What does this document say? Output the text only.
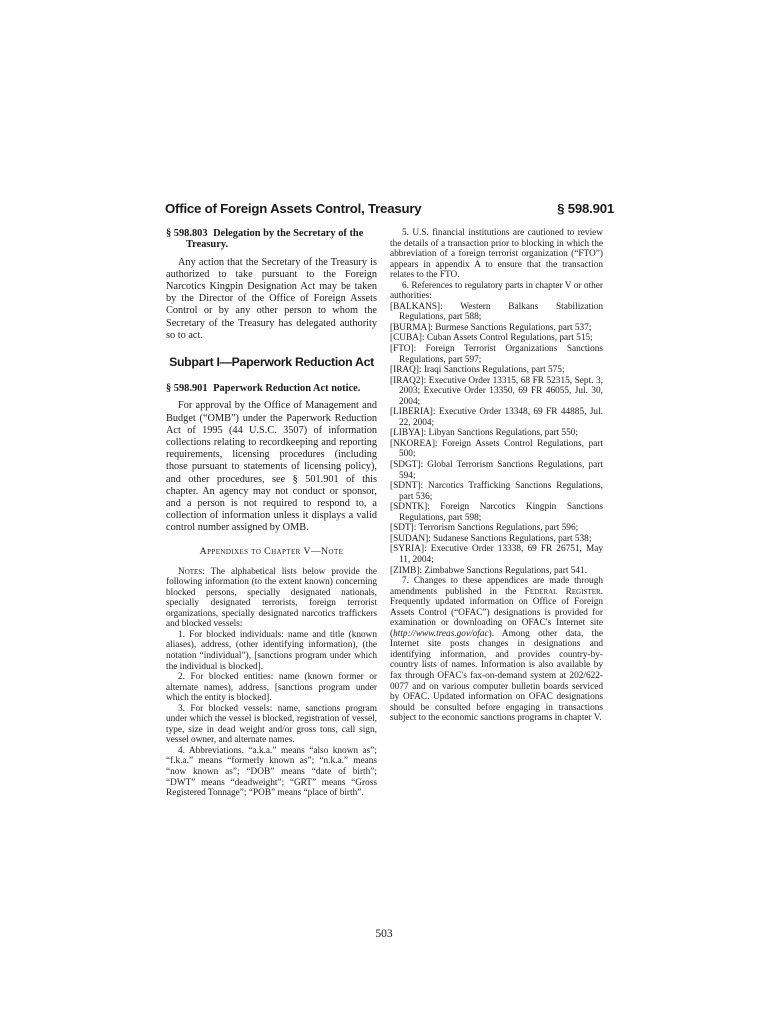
Office of Foreign Assets Control, Treasury	§ 598.901
§ 598.803 Delegation by the Secretary of the Treasury.

Any action that the Secretary of the Treasury is authorized to take pursuant to the Foreign Narcotics Kingpin Designation Act may be taken by the Director of the Office of Foreign Assets Control or by any other person to whom the Secretary of the Treasury has delegated authority so to act.

Subpart I—Paperwork Reduction Act
§ 598.901 Paperwork Reduction Act notice.

For approval by the Office of Management and Budget (“OMB”) under the Paperwork Reduction Act of 1995 (44 U.S.C. 3507) of information collections relating to recordkeeping and reporting requirements, licensing procedures (including those pursuant to statements of licensing policy), and other procedures, see § 501.901 of this chapter. An agency may not conduct or sponsor, and a person is not required to respond to, a collection of information unless it displays a valid control number assigned by OMB.

Appendixes to Chapter V—Note

Notes: The alphabetical lists below provide the following information (to the extent known) concerning blocked persons, specially designated nationals, specially designated terrorists, foreign terrorist organizations, specially designated narcotics traffickers and blocked vessels:

1. For blocked individuals: name and title (known aliases), address, (other identifying information), (the notation “individual”), [sanctions program under which the individual is blocked].

2. For blocked entities: name (known former or alternate names), address, [sanctions program under which the entity is blocked].

3. For blocked vessels: name, sanctions program under which the vessel is blocked, registration of vessel, type, size in dead weight and/or gross tons, call sign, vessel owner, and alternate names.

4. Abbreviations. “a.k.a.” means “also known as”; “f.k.a.” means “formerly known as”; “n.k.a.” means “now known as”; “DOB” means “date of birth”; “DWT” means “deadweight”; “GRT” means “Gross Registered Tonnage”; “POB” means “place of birth”.

5. U.S. financial institutions are cautioned to review the details of a transaction prior to blocking in which the abbreviation of a foreign terrorist organization (“FTO”) appears in appendix A to ensure that the transaction relates to the FTO.

6. References to regulatory parts in chapter V or other authorities:

[BALKANS]: Western Balkans Stabilization Regulations, part 588;

[BURMA]: Burmese Sanctions Regulations, part 537;

[CUBA]: Cuban Assets Control Regulations, part 515;

[FTO]: Foreign Terrorist Organizations Sanctions Regulations, part 597;

[IRAQ]: Iraqi Sanctions Regulations, part 575;

[IRAQ2]: Executive Order 13315, 68 FR 52315, Sept. 3, 2003; Executive Order 13350, 69 FR 46055, Jul. 30, 2004;

[LIBERIA]: Executive Order 13348, 69 FR 44885, Jul. 22, 2004;

[LIBYA]: Libyan Sanctions Regulations, part 550;

[NKOREA]: Foreign Assets Control Regulations, part 500;

[SDGT]: Global Terrorism Sanctions Regulations, part 594;

[SDNT]: Narcotics Trafficking Sanctions Regulations, part 536;

[SDNTK]: Foreign Narcotics Kingpin Sanctions Regulations, part 598;

[SDT]: Terrorism Sanctions Regulations, part 596;

[SUDAN]: Sudanese Sanctions Regulations, part 538;

[SYRIA]: Executive Order 13338, 69 FR 26751, May 11, 2004;

[ZIMB]: Zimbabwe Sanctions Regulations, part 541.

7. Changes to these appendices are made through amendments published in the Federal Register. Frequently updated information on Office of Foreign Assets Control (“OFAC”) designations is provided for examination or downloading on OFAC's Internet site (http://www.treas.gov/ofac). Among other data, the Internet site posts changes in designations and identifying information, and provides country-by-country lists of names. Information is also available by fax through OFAC's fax-on-demand system at 202/622-0077 and on various computer bulletin boards serviced by OFAC. Updated information on OFAC designations should be consulted before engaging in transactions subject to the economic sanctions programs in chapter V.

503
